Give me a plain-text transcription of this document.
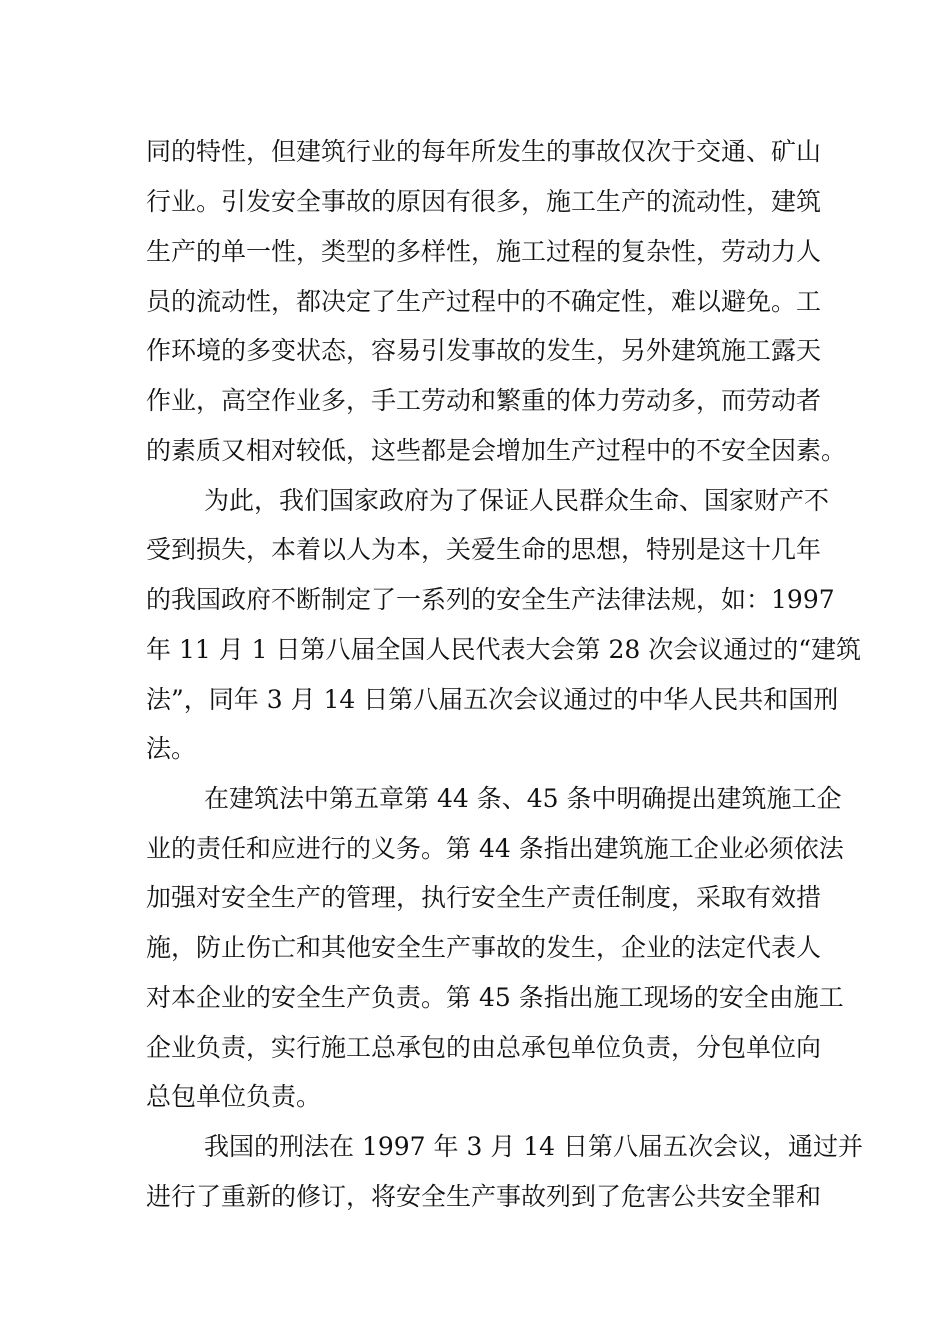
同的特性，但建筑行业的每年所发生的事故仅次于交通、矿山
行业。引发安全事故的原因有很多，施工生产的流动性，建筑
生产的单一性，类型的多样性，施工过程的复杂性，劳动力人
员的流动性，都决定了生产过程中的不确定性，难以避免。工
作环境的多变状态，容易引发事故的发生，另外建筑施工露天
作业，高空作业多，手工劳动和繁重的体力劳动多，而劳动者
的素质又相对较低，这些都是会增加生产过程中的不安全因素。
为此，我们国家政府为了保证人民群众生命、国家财产不
受到损失，本着以人为本，关爱生命的思想，特别是这十几年
的我国政府不断制定了一系列的安全生产法律法规，如：1997
年 11 月 1 日第八届全国人民代表大会第 28 次会议通过的“建筑
法”，同年 3 月 14 日第八届五次会议通过的中华人民共和国刑
法。
在建筑法中第五章第 44 条、45 条中明确提出建筑施工企
业的责任和应进行的义务。第 44 条指出建筑施工企业必须依法
加强对安全生产的管理，执行安全生产责任制度，采取有效措
施，防止伤亡和其他安全生产事故的发生，企业的法定代表人
对本企业的安全生产负责。第 45 条指出施工现场的安全由施工
企业负责，实行施工总承包的由总承包单位负责，分包单位向
总包单位负责。
我国的刑法在 1997 年 3 月 14 日第八届五次会议，通过并
进行了重新的修订，将安全生产事故列到了危害公共安全罪和
